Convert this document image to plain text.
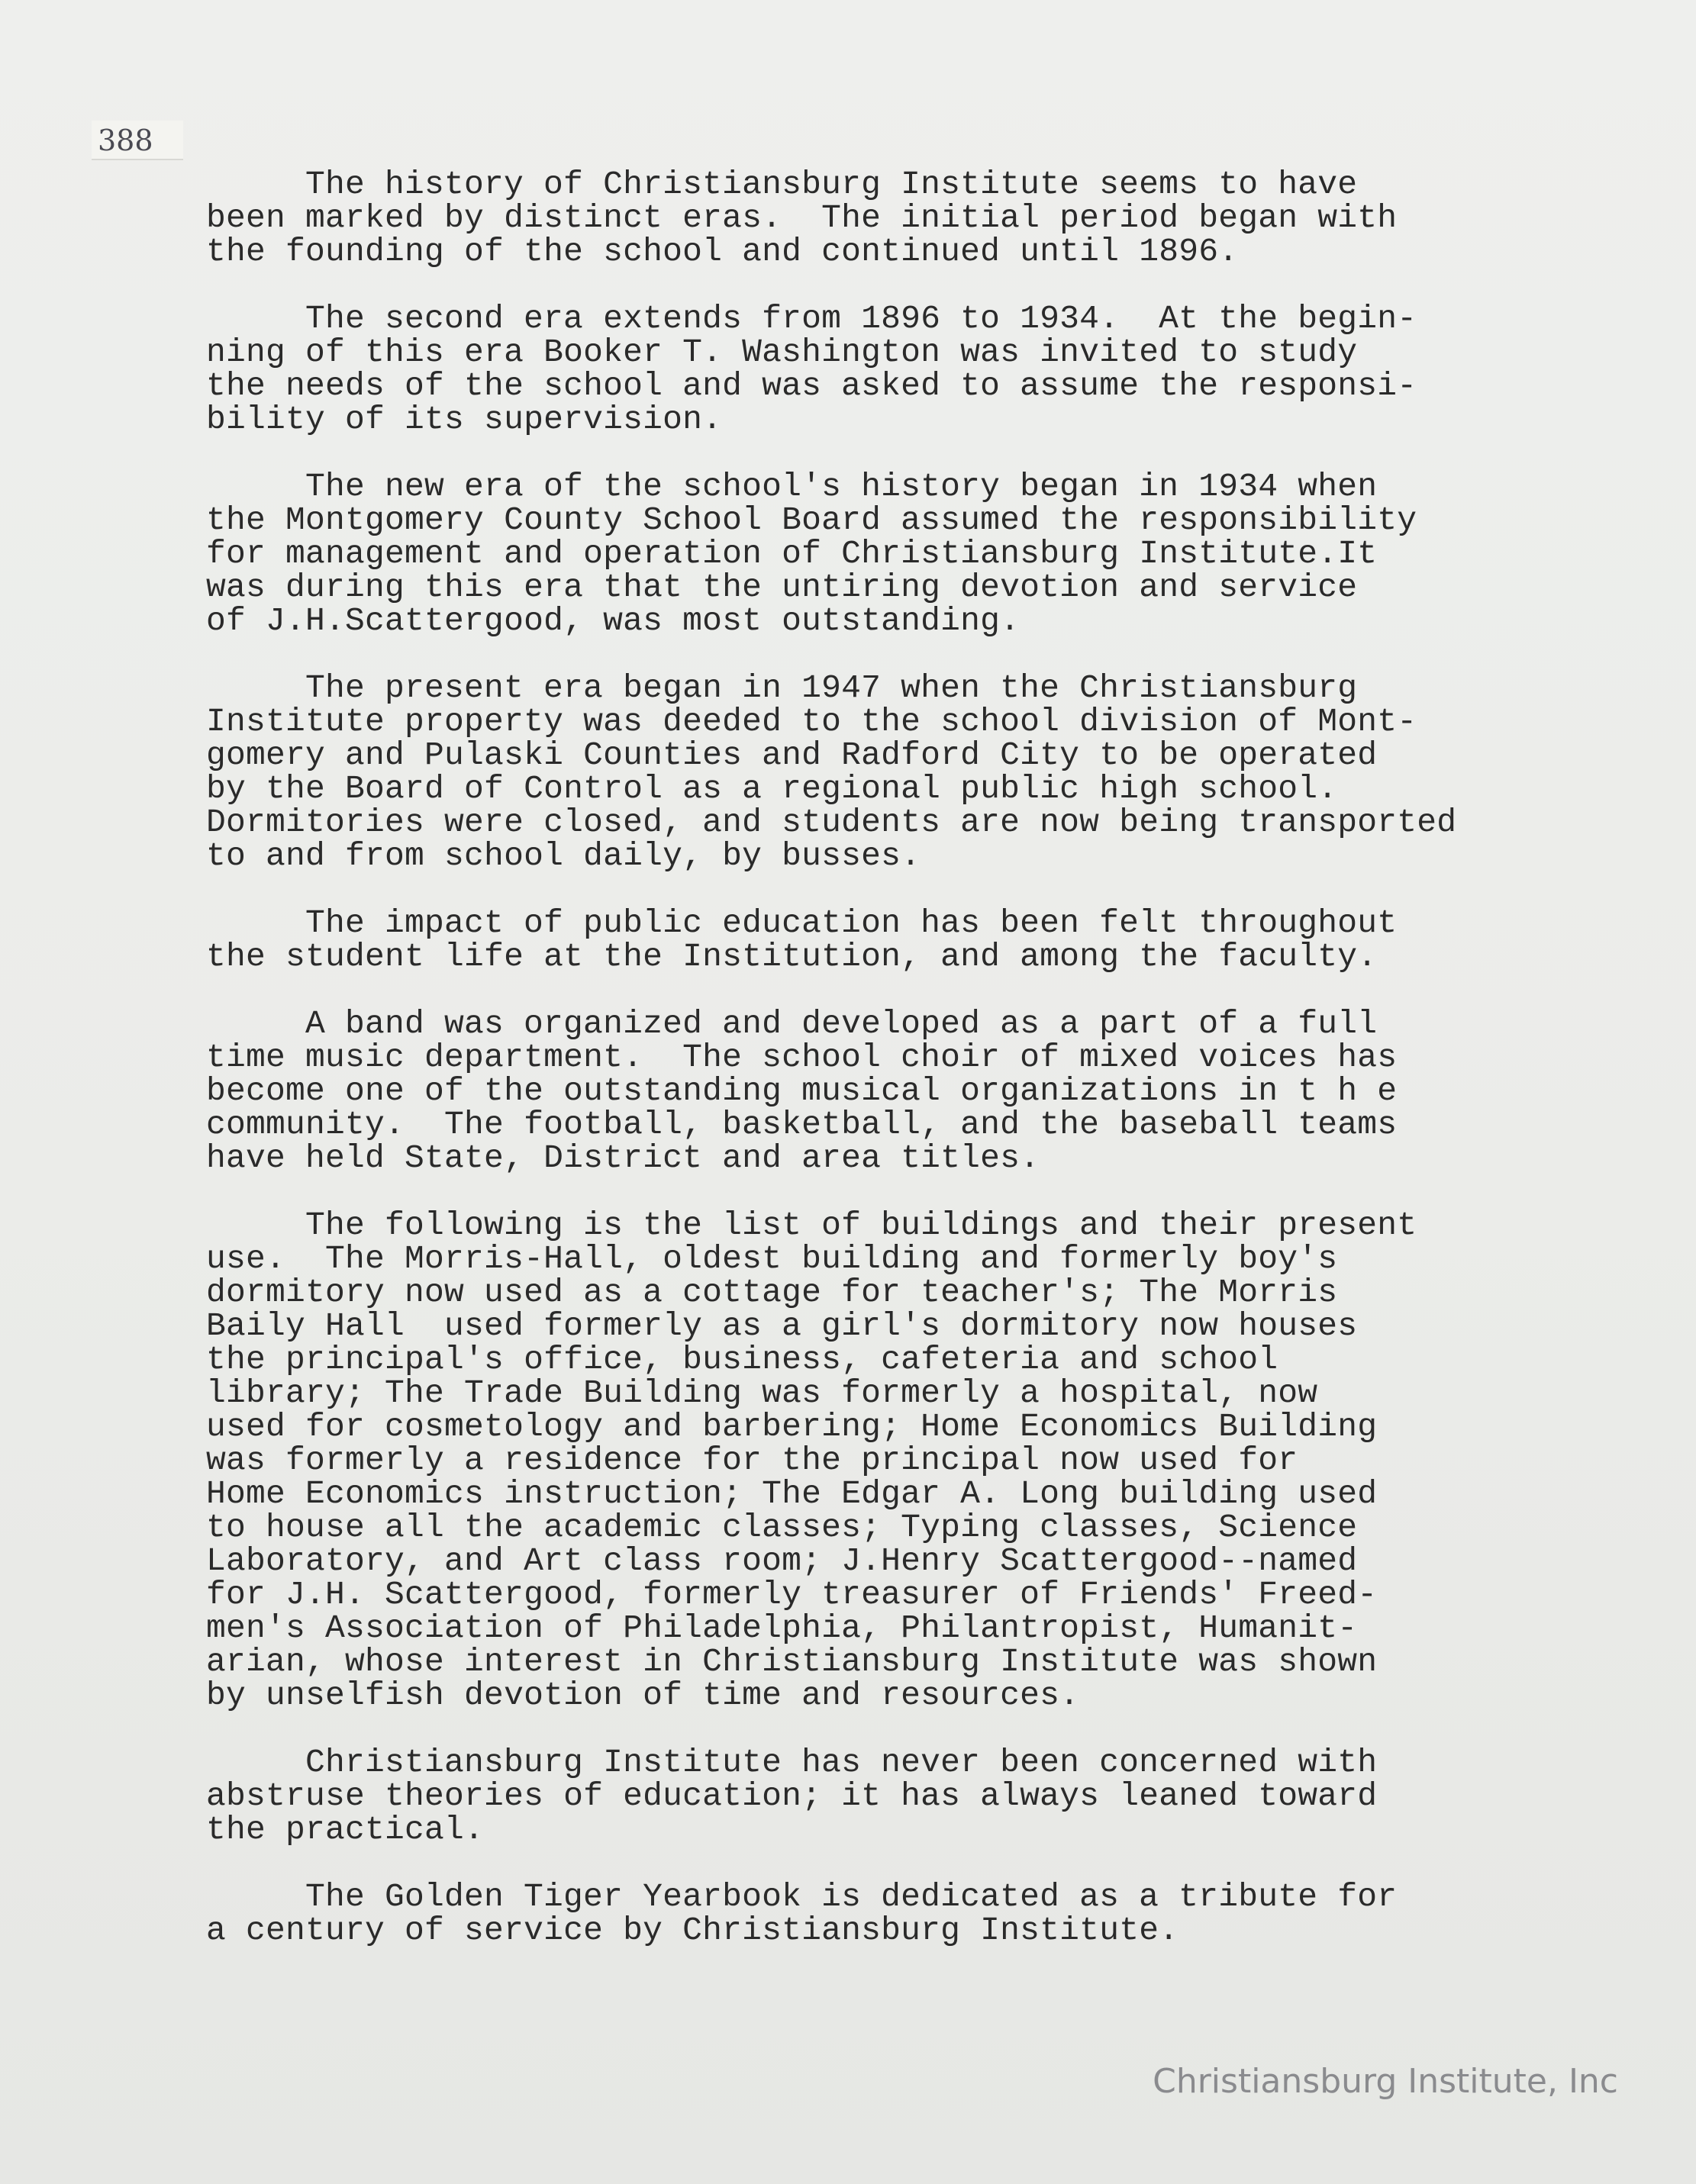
388
The history of Christiansburg Institute seems to have
been marked by distinct eras.  The initial period began with
the founding of the school and continued until 1896.
The second era extends from 1896 to 1934.  At the begin-
ning of this era Booker T. Washington was invited to study
the needs of the school and was asked to assume the responsi-
bility of its supervision.
The new era of the school's history began in 1934 when
the Montgomery County School Board assumed the responsibility
for management and operation of Christiansburg Institute.It
was during this era that the untiring devotion and service
of J.H.Scattergood, was most outstanding.
The present era began in 1947 when the Christiansburg
Institute property was deeded to the school division of Mont-
gomery and Pulaski Counties and Radford City to be operated
by the Board of Control as a regional public high school.
Dormitories were closed, and students are now being transported
to and from school daily, by busses.
The impact of public education has been felt throughout
the student life at the Institution, and among the faculty.
A band was organized and developed as a part of a full
time music department.  The school choir of mixed voices has
become one of the outstanding musical organizations in t h e
community.  The football, basketball, and the baseball teams
have held State, District and area titles.
The following is the list of buildings and their present
use.  The Morris-Hall, oldest building and formerly boy's
dormitory now used as a cottage for teacher's; The Morris
Baily Hall  used formerly as a girl's dormitory now houses
the principal's office, business, cafeteria and school
library; The Trade Building was formerly a hospital, now
used for cosmetology and barbering; Home Economics Building
was formerly a residence for the principal now used for
Home Economics instruction; The Edgar A. Long building used
to house all the academic classes; Typing classes, Science
Laboratory, and Art class room; J.Henry Scattergood--named
for J.H. Scattergood, formerly treasurer of Friends' Freed-
men's Association of Philadelphia, Philantropist, Humanit-
arian, whose interest in Christiansburg Institute was shown
by unselfish devotion of time and resources.
Christiansburg Institute has never been concerned with
abstruse theories of education; it has always leaned toward
the practical.
The Golden Tiger Yearbook is dedicated as a tribute for
a century of service by Christiansburg Institute.
Christiansburg Institute, Inc
